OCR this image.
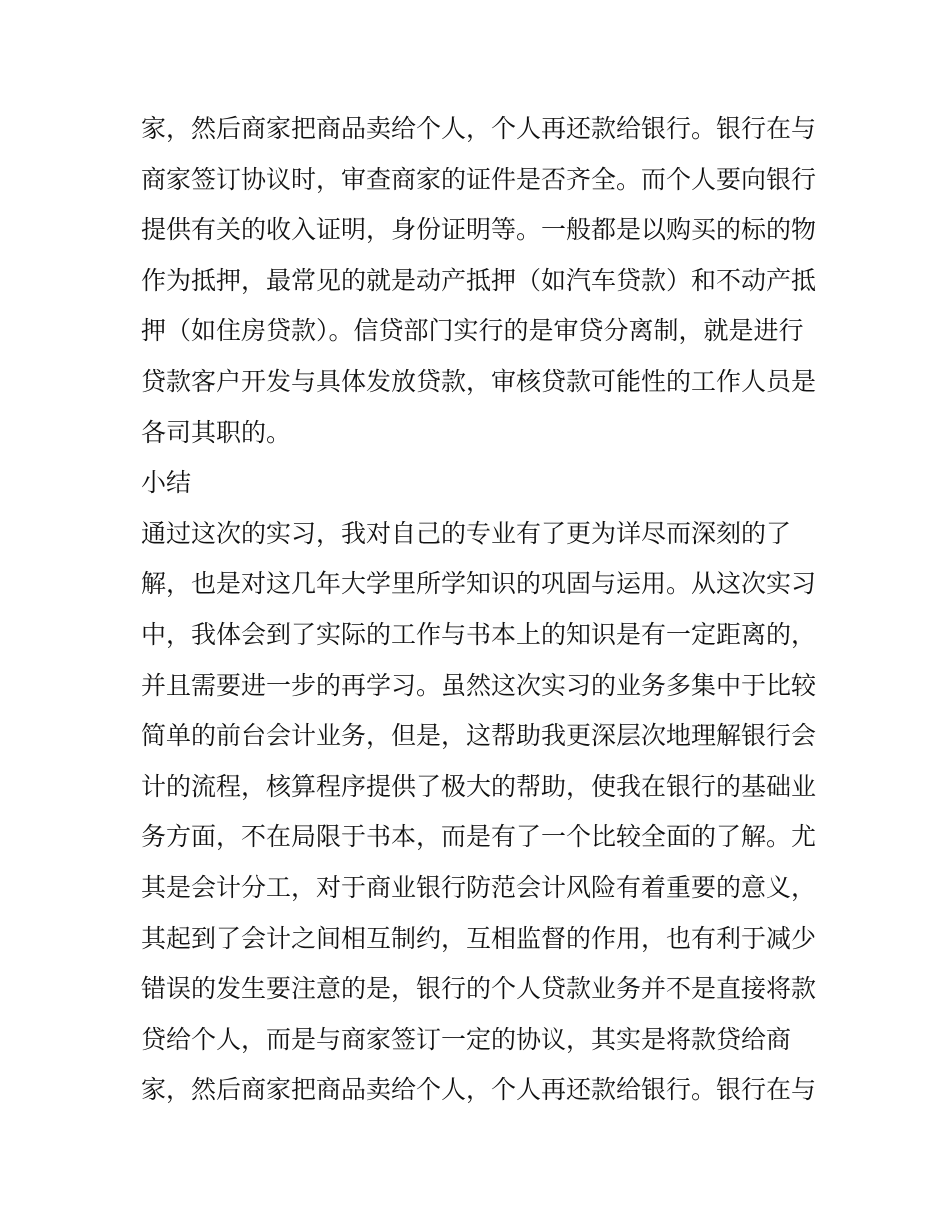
家，然后商家把商品卖给个人，个人再还款给银行。银行在与
商家签订协议时，审查商家的证件是否齐全。而个人要向银行
提供有关的收入证明，身份证明等。一般都是以购买的标的物
作为抵押，最常见的就是动产抵押（如汽车贷款）和不动产抵
押（如住房贷款）。信贷部门实行的是审贷分离制，就是进行
贷款客户开发与具体发放贷款，审核贷款可能性的工作人员是
各司其职的。
小结
通过这次的实习，我对自己的专业有了更为详尽而深刻的了
解，也是对这几年大学里所学知识的巩固与运用。从这次实习
中，我体会到了实际的工作与书本上的知识是有一定距离的，
并且需要进一步的再学习。虽然这次实习的业务多集中于比较
简单的前台会计业务，但是，这帮助我更深层次地理解银行会
计的流程，核算程序提供了极大的帮助，使我在银行的基础业
务方面，不在局限于书本，而是有了一个比较全面的了解。尤
其是会计分工，对于商业银行防范会计风险有着重要的意义，
其起到了会计之间相互制约，互相监督的作用，也有利于减少
错误的发生要注意的是，银行的个人贷款业务并不是直接将款
贷给个人，而是与商家签订一定的协议，其实是将款贷给商
家，然后商家把商品卖给个人，个人再还款给银行。银行在与
